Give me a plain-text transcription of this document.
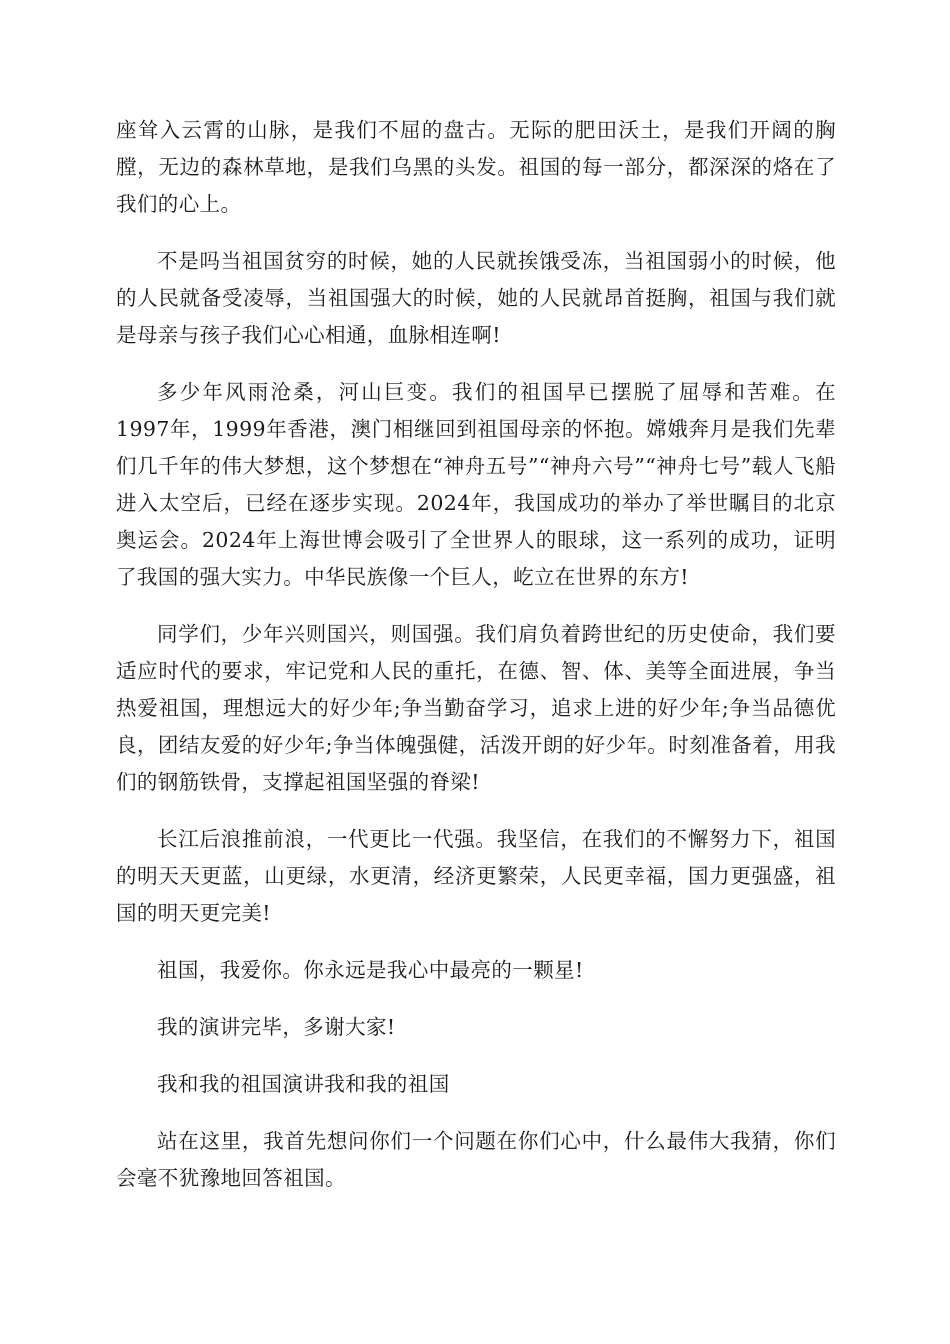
座耸入云霄的山脉，是我们不屈的盘古。无际的肥田沃土，是我们开阔的胸膛，无边的森林草地，是我们乌黑的头发。祖国的每一部分，都深深的烙在了我们的心上。

不是吗当祖国贫穷的时候，她的人民就挨饿受冻，当祖国弱小的时候，他的人民就备受凌辱，当祖国强大的时候，她的人民就昂首挺胸，祖国与我们就是母亲与孩子我们心心相通，血脉相连啊!

多少年风雨沧桑，河山巨变。我们的祖国早已摆脱了屈辱和苦难。在1997年，1999年香港，澳门相继回到祖国母亲的怀抱。嫦娥奔月是我们先辈们几千年的伟大梦想，这个梦想在“神舟五号”“神舟六号”“神舟七号”载人飞船进入太空后，已经在逐步实现。2024年，我国成功的举办了举世瞩目的北京奥运会。2024年上海世博会吸引了全世界人的眼球，这一系列的成功，证明了我国的强大实力。中华民族像一个巨人，屹立在世界的东方!

同学们，少年兴则国兴，则国强。我们肩负着跨世纪的历史使命，我们要适应时代的要求，牢记党和人民的重托，在德、智、体、美等全面进展，争当热爱祖国，理想远大的好少年;争当勤奋学习，追求上进的好少年;争当品德优良，团结友爱的好少年;争当体魄强健，活泼开朗的好少年。时刻准备着，用我们的钢筋铁骨，支撑起祖国坚强的脊梁!

长江后浪推前浪，一代更比一代强。我坚信，在我们的不懈努力下，祖国的明天天更蓝，山更绿，水更清，经济更繁荣，人民更幸福，国力更强盛，祖国的明天更完美!

祖国，我爱你。你永远是我心中最亮的一颗星!

我的演讲完毕，多谢大家!

我和我的祖国演讲我和我的祖国

站在这里，我首先想问你们一个问题在你们心中，什么最伟大我猜，你们会毫不犹豫地回答祖国。
